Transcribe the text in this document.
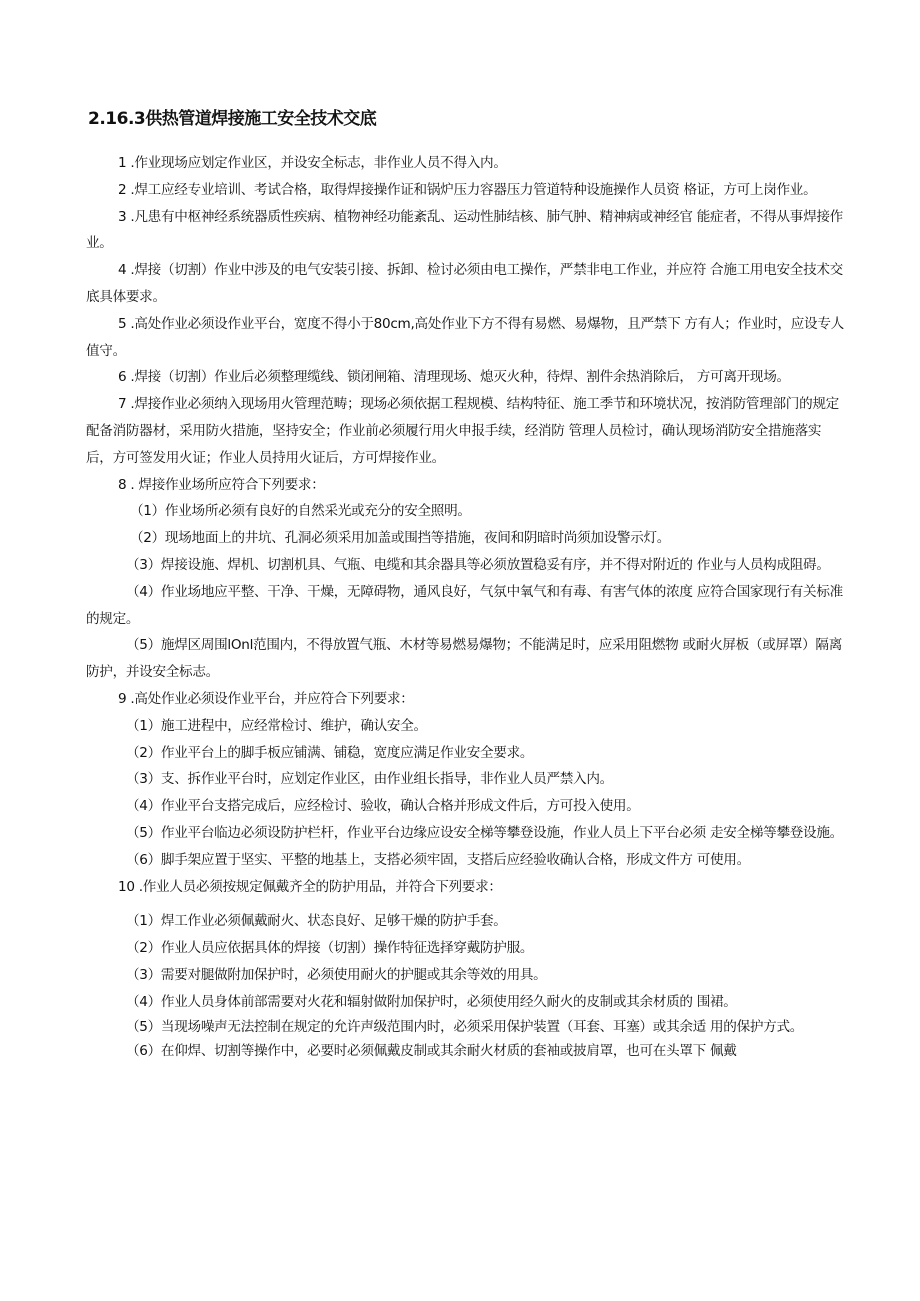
2.16.3供热管道焊接施工安全技术交底

1 .作业现场应划定作业区，并设安全标志，非作业人员不得入内。

2 .焊工应经专业培训、考试合格，取得焊接操作证和锅炉压力容器压力管道特种设施操作人员资 格证，方可上岗作业。

3 .凡患有中枢神经系统器质性疾病、植物神经功能紊乱、运动性肺结核、肺气肿、精神病或神经官 能症者，不得从事焊接作业。

4 .焊接（切割）作业中涉及的电气安装引接、拆卸、检讨必须由电工操作，严禁非电工作业，并应符 合施工用电安全技术交底具体要求。

5 .高处作业必须设作业平台，宽度不得小于80cm,高处作业下方不得有易燃、易爆物，且严禁下 方有人；作业时，应设专人值守。

6 .焊接（切割）作业后必须整理缆线、锁闭闸箱、清理现场、熄灭火种，待焊、割件余热消除后， 方可离开现场。

7 .焊接作业必须纳入现场用火管理范畴；现场必须依据工程规模、结构特征、施工季节和环境状况，按消防管理部门的规定配备消防器材，采用防火措施，坚持安全；作业前必须履行用火申报手续，经消防 管理人员检讨，确认现场消防安全措施落实后，方可签发用火证；作业人员持用火证后，方可焊接作业。

8 . 焊接作业场所应符合下列要求：

（1）作业场所必须有良好的自然采光或充分的安全照明。

（2）现场地面上的井坑、孔洞必须采用加盖或围挡等措施，夜间和阴暗时尚须加设警示灯。

（3）焊接设施、焊机、切割机具、气瓶、电缆和其余器具等必须放置稳妥有序，并不得对附近的 作业与人员构成阻碍。

（4）作业场地应平整、干净、干燥，无障碍物，通风良好，气氛中氧气和有毒、有害气体的浓度 应符合国家现行有关标准的规定。

（5）施焊区周围lOnl范围内，不得放置气瓶、木材等易燃易爆物；不能满足时，应采用阻燃物 或耐火屏板（或屏罩）隔离防护，并设安全标志。

9 .高处作业必须设作业平台，并应符合下列要求：

（1）施工进程中，应经常检讨、维护，确认安全。

（2）作业平台上的脚手板应铺满、铺稳，宽度应满足作业安全要求。

（3）支、拆作业平台时，应划定作业区，由作业组长指导，非作业人员严禁入内。

（4）作业平台支搭完成后，应经检讨、验收，确认合格并形成文件后，方可投入使用。

（5）作业平台临边必须设防护栏杆，作业平台边缘应设安全梯等攀登设施，作业人员上下平台必须 走安全梯等攀登设施。

（6）脚手架应置于坚实、平整的地基上，支搭必须牢固，支搭后应经验收确认合格，形成文件方 可使用。

10 .作业人员必须按规定佩戴齐全的防护用品，并符合下列要求：

（1）焊工作业必须佩戴耐火、状态良好、足够干燥的防护手套。

（2）作业人员应依据具体的焊接（切割）操作特征选择穿戴防护服。

（3）需要对腿做附加保护时，必须使用耐火的护腿或其余等效的用具。

（4）作业人员身体前部需要对火花和辐射做附加保护时，必须使用经久耐火的皮制或其余材质的 围裙。

（5）当现场噪声无法控制在规定的允许声级范围内时，必须采用保护装置（耳套、耳塞）或其余适 用的保护方式。

（6）在仰焊、切割等操作中，必要时必须佩戴皮制或其余耐火材质的套袖或披肩罩，也可在头罩下 佩戴
